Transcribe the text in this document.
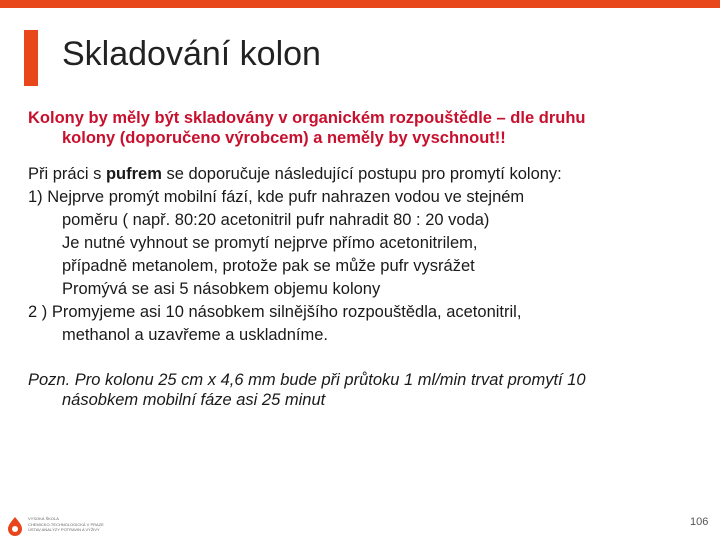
Skladování kolon

Kolony by měly být skladovány v organickém rozpouštědle – dle druhu
kolony (doporučeno výrobcem) a neměly by vyschnout!!

Při práci s pufrem se doporučuje následující postupu pro promytí kolony:

1) Nejprve promýt mobilní fází, kde pufr nahrazen vodou ve stejném

poměru ( např. 80:20 acetonitril pufr nahradit 80 : 20 voda)

Je nutné vyhnout se promytí nejprve přímo acetonitrilem,

případně metanolem, protože pak se může pufr vysrážet

Promývá se asi 5 násobkem objemu kolony

2 ) Promyjeme asi 10 násobkem silnějšího rozpouštědla, acetonitril,

methanol a uzavřeme a uskladníme.

Pozn. Pro kolonu 25 cm x 4,6 mm bude při průtoku 1 ml/min trvat promytí 10
násobkem mobilní fáze asi 25 minut

VYSOKÁ ŠKOLA
CHEMICKO-TECHNOLOGICKÁ V PRAZE
ÚSTAV ANALÝZY POTRAVIN A VÝŽIVY
106
